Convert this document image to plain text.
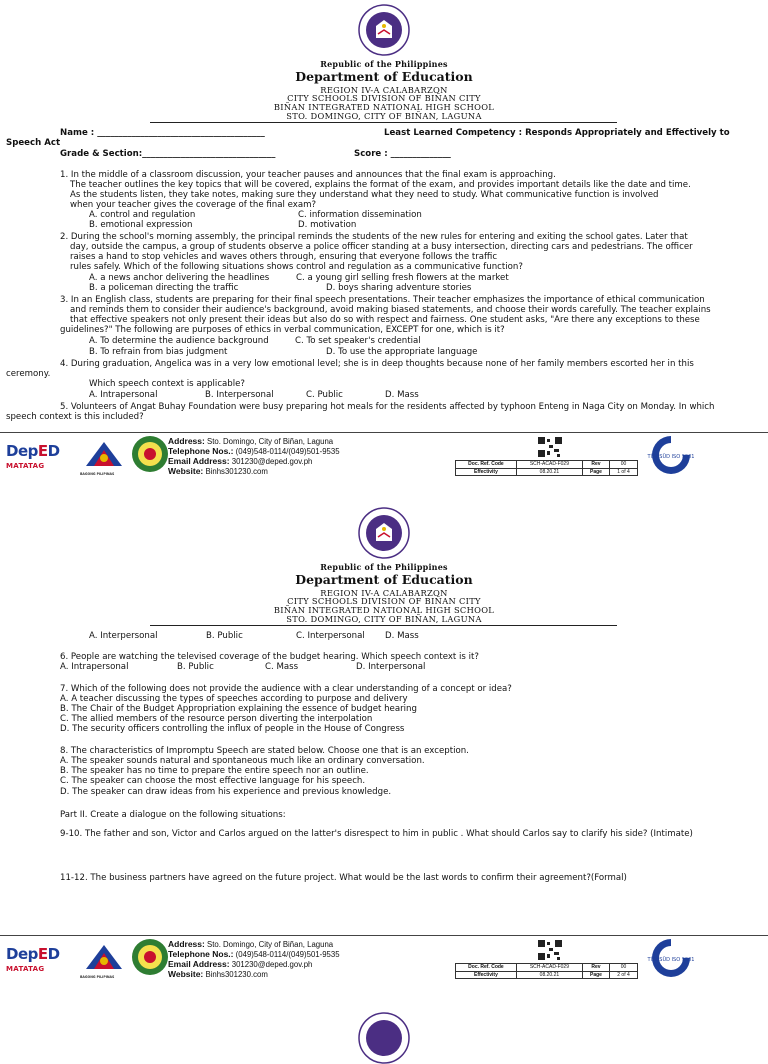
Republic of the Philippines
Department of Education
REGION IV-A CALABARZON
CITY SCHOOLS DIVISION OF BIÑAN CITY
BIÑAN INTEGRATED NATIONAL HIGH SCHOOL
STO. DOMINGO, CITY OF BIÑAN, LAGUNA
Name : _______________________________________	Least Learned Competency : Responds Appropriately and Effectively to
Speech Act
Grade & Section:_______________________________	Score : ______________
1. In the middle of a classroom discussion, your teacher pauses and announces that the final exam is approaching.
The teacher outlines the key topics that will be covered, explains the format of the exam, and provides important details like the date and time.
As the students listen, they take notes, making sure they understand what they need to study. What communicative function is involved
when your teacher gives the coverage of the final exam?
A. control and regulation	C. information dissemination
B. emotional expression	D. motivation
2. During the school's morning assembly, the principal reminds the students of the new rules for entering and exiting the school gates. Later that
day, outside the campus, a group of students observe a police officer standing at a busy intersection, directing cars and pedestrians. The officer
raises a hand to stop vehicles and waves others through, ensuring that everyone follows the traffic
rules safely. Which of the following situations shows control and regulation as a communicative function?
A. a news anchor delivering the headlines	C. a young girl selling fresh flowers at the market
B. a policeman directing the traffic	D. boys sharing adventure stories
3. In an English class, students are preparing for their final speech presentations. Their teacher emphasizes the importance of ethical communication
and reminds them to consider their audience's background, avoid making biased statements, and choose their words carefully. The teacher explains
that effective speakers not only present their ideas but also do so with respect and fairness. One student asks, "Are there any exceptions to these
guidelines?" The following are purposes of ethics in verbal communication, EXCEPT for one, which is it?
A. To determine the audience background	C. To set speaker's credential
B. To refrain from bias judgment	D. To use the appropriate language
4. During graduation, Angelica was in a very low emotional level; she is in deep thoughts because none of her family members escorted her in this
ceremony.
Which speech context is applicable?
A. Intrapersonal	B. Interpersonal	C. Public	D. Mass
5. Volunteers of Angat Buhay Foundation were busy preparing hot meals for the residents affected by typhoon Enteng in Naga City on Monday. In which
speech context is this included?
DepED
MATATAG
BAGONG PILIPINAS
Address: Sto. Domingo, City of Biñan, Laguna
Telephone Nos.: (049)548-0114/(049)501-9535
Email Address: 301230@deped.gov.ph
Website: Binhs301230.com
Doc. Ref. Code	SCH-ACAD-F029	Rev	00
Effectivity	08.20.21	Page	1 of 4
TÜV SÜD ISO 9001
Republic of the Philippines
Department of Education
REGION IV-A CALABARZON
CITY SCHOOLS DIVISION OF BIÑAN CITY
BIÑAN INTEGRATED NATIONAL HIGH SCHOOL
STO. DOMINGO, CITY OF BIÑAN, LAGUNA
A. Interpersonal	B. Public	C. Interpersonal D. Mass
6. People are watching the televised coverage of the budget hearing. Which speech context is it?
A. Intrapersonal	B. Public	C. Mass	D. Interpersonal
7. Which of the following does not provide the audience with a clear understanding of a concept or idea?
A. A teacher discussing the types of speeches according to purpose and delivery
B. The Chair of the Budget Appropriation explaining the essence of budget hearing
C. The allied members of the resource person diverting the interpolation
D. The security officers controlling the influx of people in the House of Congress
8. The characteristics of Impromptu Speech are stated below. Choose one that is an exception.
A. The speaker sounds natural and spontaneous much like an ordinary conversation.
B. The speaker has no time to prepare the entire speech nor an outline.
C. The speaker can choose the most effective language for his speech.
D. The speaker can draw ideas from his experience and previous knowledge.
Part II. Create a dialogue on the following situations:
9-10. The father and son, Victor and Carlos argued on the latter's disrespect to him in public . What should Carlos say to clarify his side? (Intimate)
11-12. The business partners have agreed on the future project. What would be the last words to confirm their agreement?(Formal)
DepED
MATATAG
BAGONG PILIPINAS
Address: Sto. Domingo, City of Biñan, Laguna
Telephone Nos.: (049)548-0114/(049)501-9535
Email Address: 301230@deped.gov.ph
Website: Binhs301230.com
Doc. Ref. Code	SCH-ACAD-F029	Rev	00
Effectivity	08.20.21	Page	2 of 4
TÜV SÜD ISO 9001
